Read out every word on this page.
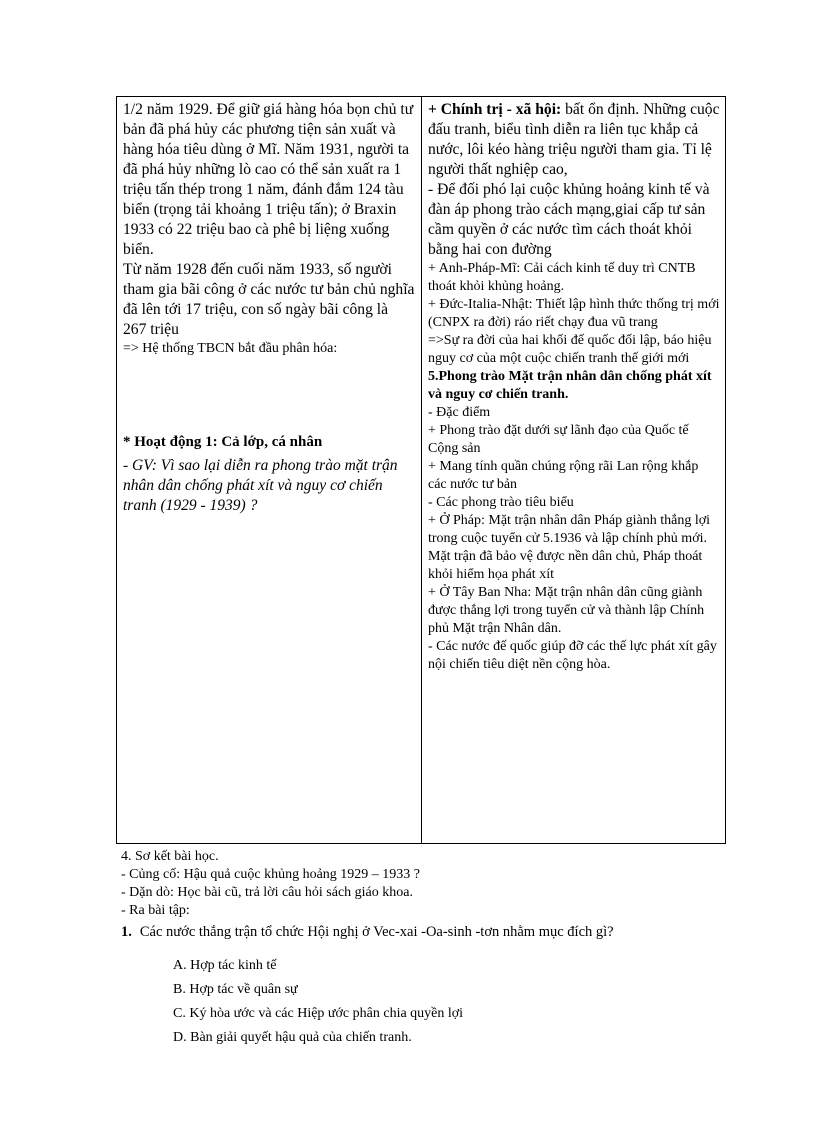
1/2 năm 1929. Để giữ giá hàng hóa bọn chủ tư bản đã phá hủy các phương tiện sản xuất và hàng hóa tiêu dùng ở Mĩ. Năm 1931, người ta đã phá hủy những lò cao có thể sản xuất ra 1 triệu tấn thép trong 1 năm, đánh đắm 124 tàu biển (trọng tải khoảng 1 triệu tấn); ở Braxin 1933 có 22 triệu bao cà phê bị liệng xuống biển.

Từ năm 1928 đến cuối năm 1933, số người tham gia bãi công ở các nước tư bản chủ nghĩa đã lên tới 17 triệu, con số ngày bãi công là 267 triệu

=> Hệ thống TBCN bắt đầu phân hóa:

* Hoạt động 1: Cả lớp, cá nhân

- GV: Vì sao lại diễn ra phong trào mặt trận nhân dân chống phát xít và nguy cơ chiến tranh (1929 - 1939) ?

+ Chính trị - xã hội: bất ổn định. Những cuộc đấu tranh, biểu tình diễn ra liên tục khắp cả nước, lôi kéo hàng triệu người tham gia. Tỉ lệ người thất nghiệp cao,

- Để đối phó lại cuộc khủng hoảng kinh tế và đàn áp phong trào cách mạng,giai cấp tư sản cầm quyền ở các nước tìm cách thoát khỏi bằng hai con đường

+ Anh-Pháp-Mĩ: Cải cách kinh tế duy trì CNTB thoát khỏi khủng hoảng.

+ Đức-Italia-Nhật: Thiết lập hình thức thống trị mới (CNPX ra đời) ráo riết chạy đua vũ trang

=>Sự ra đời của hai khối đế quốc đối lập, báo hiệu nguy cơ của một cuộc chiến tranh thế giới mới

5.Phong trào Mặt trận nhân dân chống phát xít và nguy cơ chiến tranh.

- Đặc điểm

+ Phong trào đặt dưới sự lãnh đạo của Quốc tế Cộng sản

+ Mang tính quần chúng rộng rãi Lan rộng khắp các nước tư bản

- Các phong trào tiêu biểu

+ Ở Pháp: Mặt trận nhân dân Pháp giành thắng lợi trong cuộc tuyển cử 5.1936 và lập chính phủ mới. Mặt trận đã bảo vệ được nền dân chủ, Pháp thoát khỏi hiểm họa phát xít

+ Ở Tây Ban Nha: Mặt trận nhân dân cũng giành được thắng lợi trong tuyển cử và thành lập Chính phủ Mặt trận Nhân dân.

- Các nước đế quốc giúp đỡ các thế lực phát xít gây nội chiến tiêu diệt nền cộng hòa.

4. Sơ kết bài học.

- Củng cố: Hậu quả cuộc khủng hoảng 1929 – 1933 ?

- Dặn dò: Học bài cũ, trả lời câu hỏi sách giáo khoa.

- Ra bài tập:

1. Các nước thắng trận tổ chức Hội nghị ở Vec-xai -Oa-sinh -tơn nhằm mục đích gì?

A. Hợp tác kinh tế

B. Hợp tác về quân sự

C. Ký hòa ước và các Hiệp ước phân chia quyền lợi

D. Bàn giải quyết hậu quả của chiến tranh.
